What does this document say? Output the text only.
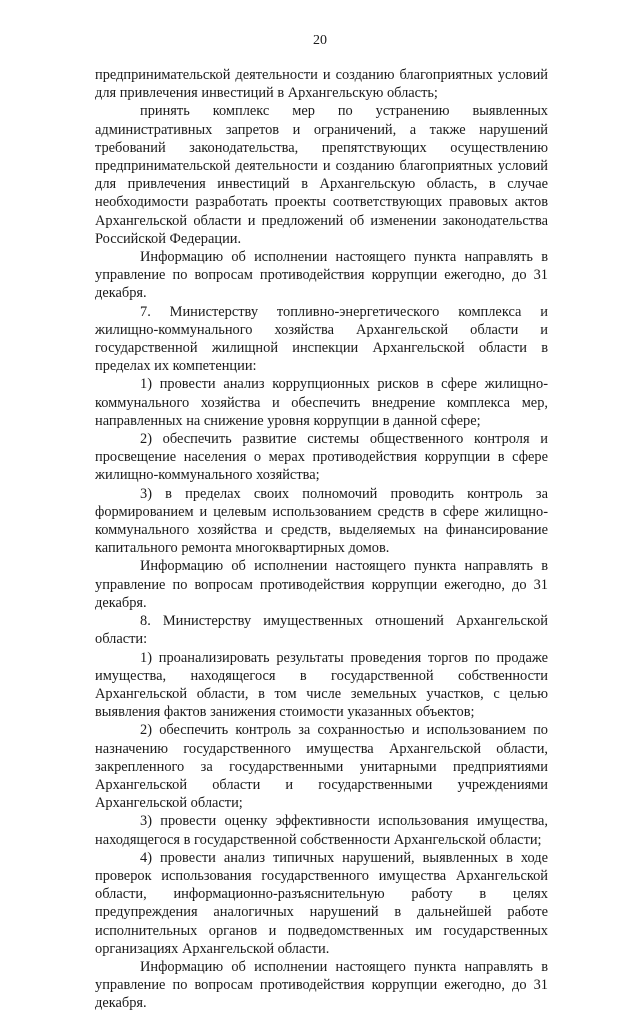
20

предпринимательской деятельности и созданию благоприятных условий для привлечения инвестиций в Архангельскую область;

принять комплекс мер по устранению выявленных административных запретов и ограничений, а также нарушений требований законодательства, препятствующих осуществлению предпринимательской деятельности и созданию благоприятных условий для привлечения инвестиций в Архангельскую область, в случае необходимости разработать проекты соответствующих правовых актов Архангельской области и предложений об изменении законодательства Российской Федерации.

Информацию об исполнении настоящего пункта направлять в управление по вопросам противодействия коррупции ежегодно, до 31 декабря.

7. Министерству топливно-энергетического комплекса и жилищно-коммунального хозяйства Архангельской области и государственной жилищной инспекции Архангельской области в пределах их компетенции:

1) провести анализ коррупционных рисков в сфере жилищно-коммунального хозяйства и обеспечить внедрение комплекса мер, направленных на снижение уровня коррупции в данной сфере;

2) обеспечить развитие системы общественного контроля и просвещение населения о мерах противодействия коррупции в сфере жилищно-коммунального хозяйства;

3) в пределах своих полномочий проводить контроль за формированием и целевым использованием средств в сфере жилищно-коммунального хозяйства и средств, выделяемых на финансирование капитального ремонта многоквартирных домов.

Информацию об исполнении настоящего пункта направлять в управление по вопросам противодействия коррупции ежегодно, до 31 декабря.

8. Министерству имущественных отношений Архангельской области:

1) проанализировать результаты проведения торгов по продаже имущества, находящегося в государственной собственности Архангельской области, в том числе земельных участков, с целью выявления фактов занижения стоимости указанных объектов;

2) обеспечить контроль за сохранностью и использованием по назначению государственного имущества Архангельской области, закрепленного за государственными унитарными предприятиями Архангельской области и государственными учреждениями Архангельской области;

3) провести оценку эффективности использования имущества, находящегося в государственной собственности Архангельской области;

4) провести анализ типичных нарушений, выявленных в ходе проверок использования государственного имущества Архангельской области, информационно-разъяснительную работу в целях предупреждения аналогичных нарушений в дальнейшей работе исполнительных органов и подведомственных им государственных организациях Архангельской области.

Информацию об исполнении настоящего пункта направлять в управление по вопросам противодействия коррупции ежегодно, до 31 декабря.
